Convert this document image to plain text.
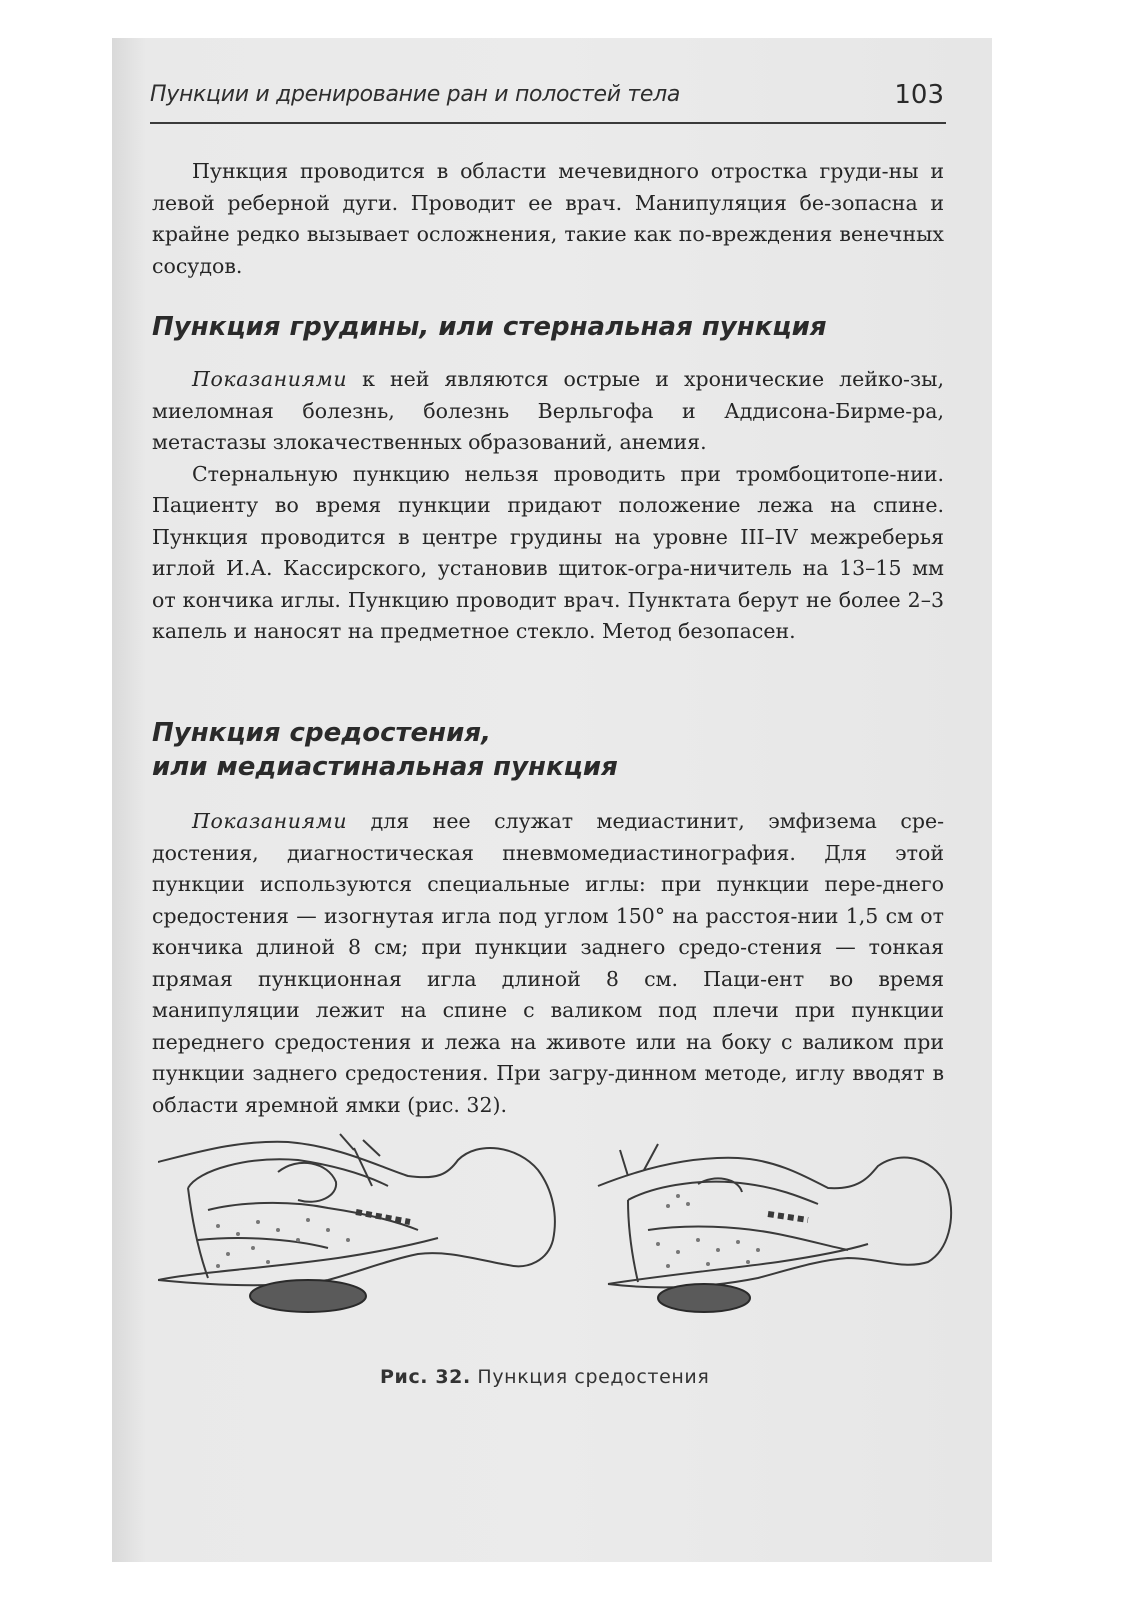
Пункции и дренирование ран и полостей тела	103

Пункция проводится в области мечевидного отростка груди-ны и левой реберной дуги. Проводит ее врач. Манипуляция бе-зопасна и крайне редко вызывает осложнения, такие как по-вреждения венечных сосудов.

Пункция грудины, или стернальная пункция

Показаниями к ней являются острые и хронические лейко-зы, миеломная болезнь, болезнь Верльгофа и Аддисона-Бирме-ра, метастазы злокачественных образований, анемия.

Стернальную пункцию нельзя проводить при тромбоцитопе-нии. Пациенту во время пункции придают положение лежа на спине. Пункция проводится в центре грудины на уровне III–IV межреберья иглой И.А. Кассирского, установив щиток-огра-ничитель на 13–15 мм от кончика иглы. Пункцию проводит врач. Пунктата берут не более 2–3 капель и наносят на предметное стекло. Метод безопасен.

Пункция средостения,
или медиастинальная пункция

Показаниями для нее служат медиастинит, эмфизема сре-достения, диагностическая пневмомедиастинография. Для этой пункции используются специальные иглы: при пункции пере-днего средостения — изогнутая игла под углом 150° на расстоя-нии 1,5 см от кончика длиной 8 см; при пункции заднего средо-стения — тонкая прямая пункционная игла длиной 8 см. Паци-ент во время манипуляции лежит на спине с валиком под плечи при пункции переднего средостения и лежа на животе или на боку с валиком при пункции заднего средостения. При загру-динном методе, иглу вводят в области яремной ямки (рис. 32).

Рис. 32. Пункция средостения
